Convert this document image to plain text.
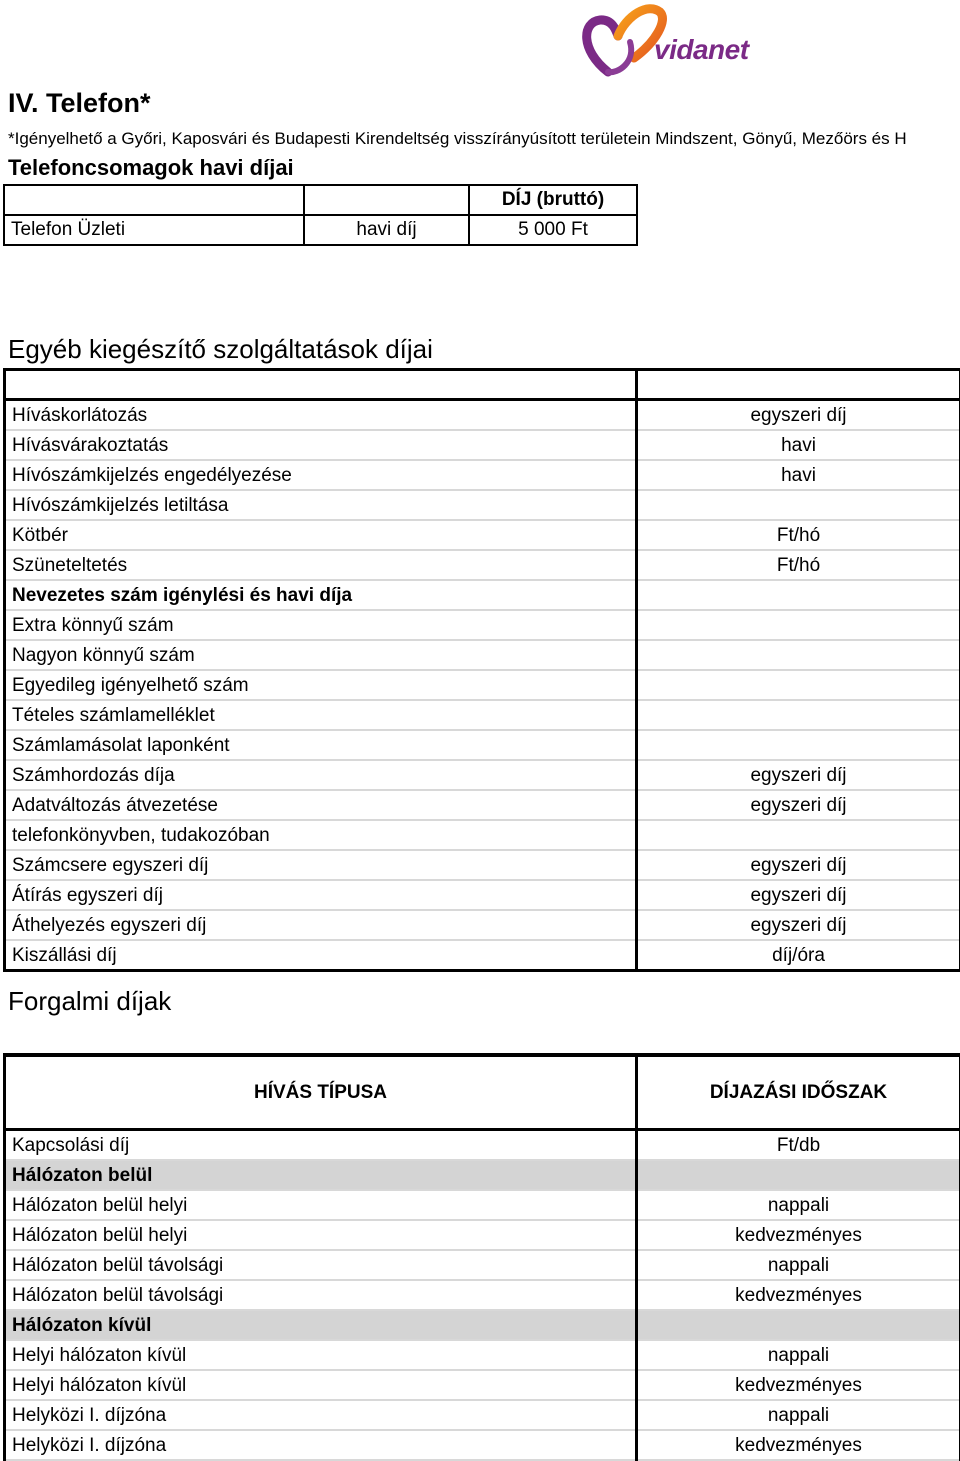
vidanet
IV. Telefon*

*Igényelhető a Győri, Kaposvári és Budapesti Kirendeltség visszírányúsított területein Mindszent, Gönyű, Mezőörs és H

Telefoncsomagok havi díjai
		DÍJ (bruttó)
Telefon Üzleti	havi díj	5 000 Ft
Egyéb kiegészítő szolgáltatások díjai

Híváskorlátozás	egyszeri díj
Hívásvárakoztatás	havi
Hívószámkijelzés engedélyezése	havi
Hívószámkijelzés letiltása	
Kötbér	Ft/hó
Szüneteltetés	Ft/hó
Nevezetes szám igénylési és havi díja	
Extra könnyű szám	
Nagyon könnyű szám	
Egyedileg igényelhető szám	
Tételes számlamelléklet	
Számlamásolat laponként	
Számhordozás díja	egyszeri díj
Adatváltozás átvezetése	egyszeri díj
telefonkönyvben, tudakozóban	
Számcsere egyszeri díj	egyszeri díj
Átírás egyszeri díj	egyszeri díj
Áthelyezés egyszeri díj	egyszeri díj
Kiszállási díj	díj/óra
Forgalmi díjak
HÍVÁS TÍPUSA	DÍJAZÁSI IDŐSZAK
Kapcsolási díj	Ft/db
Hálózaton belül	
Hálózaton belül helyi	nappali
Hálózaton belül helyi	kedvezményes
Hálózaton belül távolsági	nappali
Hálózaton belül távolsági	kedvezményes
Hálózaton kívül	
Helyi hálózaton kívül	nappali
Helyi hálózaton kívül	kedvezményes
Helyközi I. díjzóna	nappali
Helyközi I. díjzóna	kedvezményes
